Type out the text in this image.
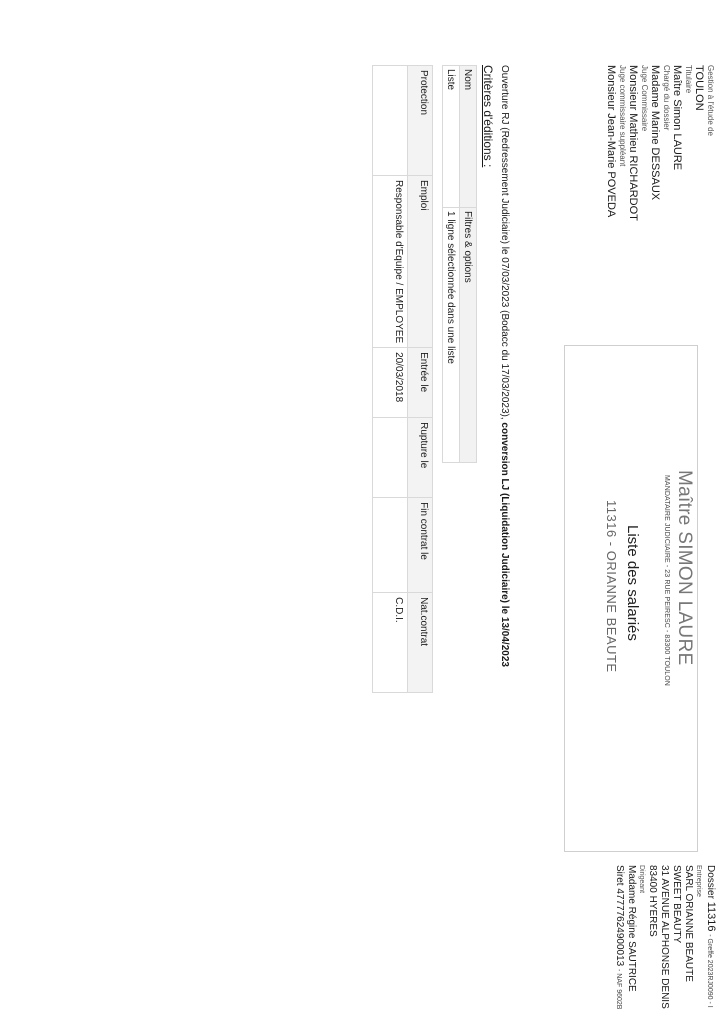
Gestion à l'étude de
TOULON
Titulaire
Maître Simon LAURE
Chargé du dossier
Madame Marine DESSAUX
Juge Commissaire
Monsieur Mathieu RICHARDOT
Juge commissaire suppléant
Monsieur Jean-Marie POVEDA
Maître SIMON LAURE
MANDATAIRE JUDICIAIRE - 23 RUE PEIRESC - 83300 TOULON
Liste des salariés
11316 - ORIANNE BEAUTE
Dossier 11316 - Greffe 2023RJ0090 - I
Entreprise
SARL ORIANNE BEAUTE
SWEET BEAUTY
31 AVENUE ALPHONSE DENIS
83400 HYERES
Dirigeant
Madame Régine SAUTRICE
Siret 47777624900013 - NAF 9602B
Ouverture RJ (Redressement Judiciaire) le 07/03/2023 (Bodacc du 17/03/2023), conversion LJ (Liquidation Judiciaire) le 13/04/2023
Critères d'éditions :
Nom	Filtres & options
Liste	1 ligne sélectionnée dans une liste
Protection	Emploi	Entrée le	Rupture le	Fin contrat le	Nat.contrat
	Responsable d'Equipe / EMPLOYEE	20/03/2018			C.D.I.
